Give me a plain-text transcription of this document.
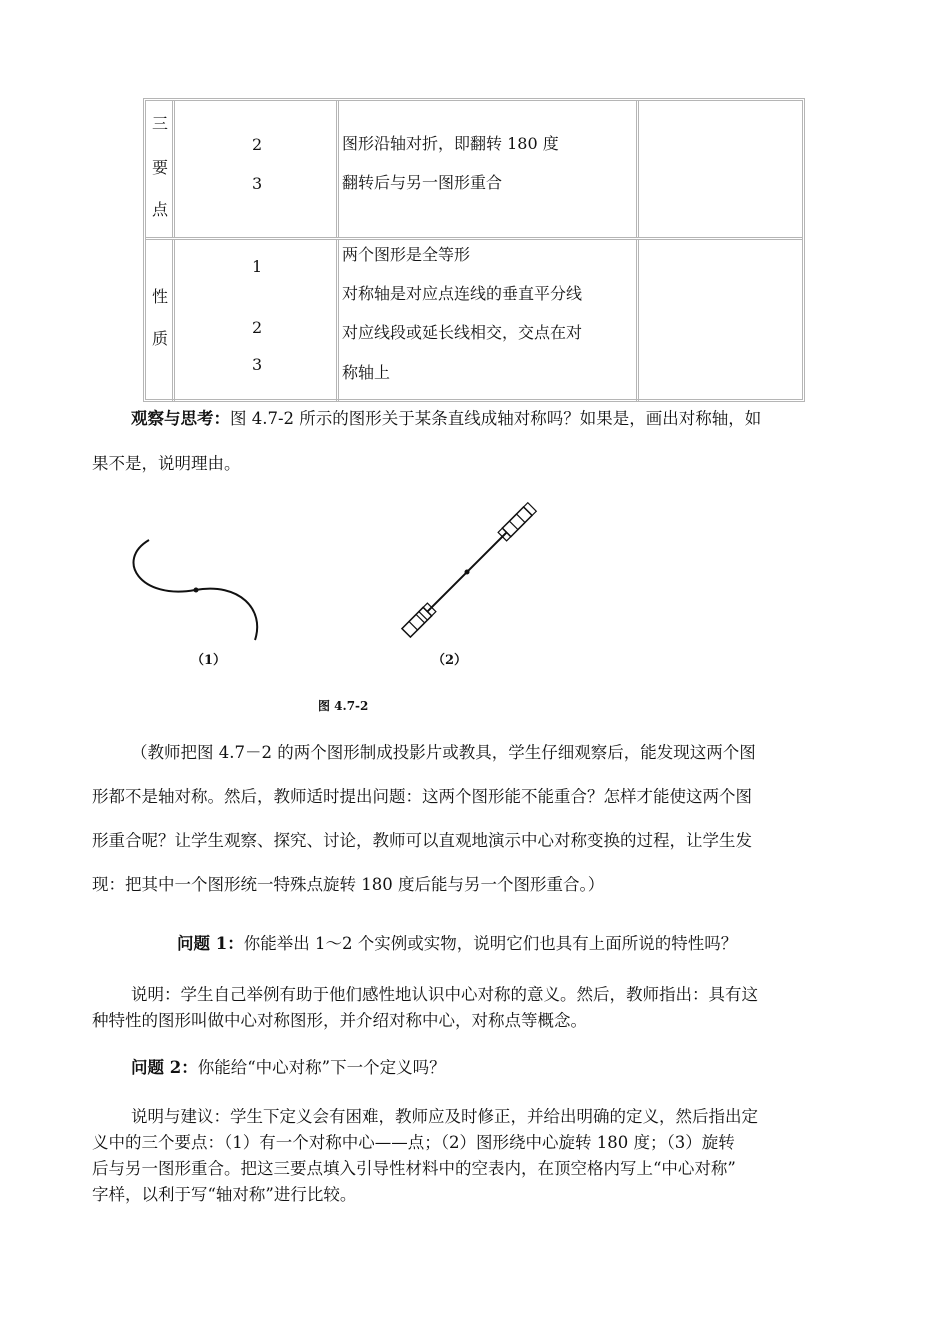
三
要
点
2
3
图形沿轴对折，即翻转 180 度
翻转后与另一图形重合
性
质
1
2
3
两个图形是全等形
对称轴是对应点连线的垂直平分线
对应线段或延长线相交，交点在对
称轴上
观察与思考：图 4.7-2 所示的图形关于某条直线成轴对称吗？如果是，画出对称轴，如
果不是，说明理由。
（1）	（2）
图 4.7-2
（教师把图 4.7－2 的两个图形制成投影片或教具，学生仔细观察后，能发现这两个图
形都不是轴对称。然后，教师适时提出问题：这两个图形能不能重合？怎样才能使这两个图
形重合呢？让学生观察、探究、讨论，教师可以直观地演示中心对称变换的过程，让学生发
现：把其中一个图形统一特殊点旋转 180 度后能与另一个图形重合。）
问题 1：你能举出 1～2 个实例或实物，说明它们也具有上面所说的特性吗？
说明：学生自己举例有助于他们感性地认识中心对称的意义。然后，教师指出：具有这
种特性的图形叫做中心对称图形，并介绍对称中心，对称点等概念。
问题 2：你能给“中心对称”下一个定义吗？
说明与建议：学生下定义会有困难，教师应及时修正，并给出明确的定义，然后指出定
义中的三个要点：（1）有一个对称中心——点；（2）图形绕中心旋转 180 度；（3）旋转
后与另一图形重合。把这三要点填入引导性材料中的空表内，在顶空格内写上“中心对称”
字样，以利于写“轴对称”进行比较。
